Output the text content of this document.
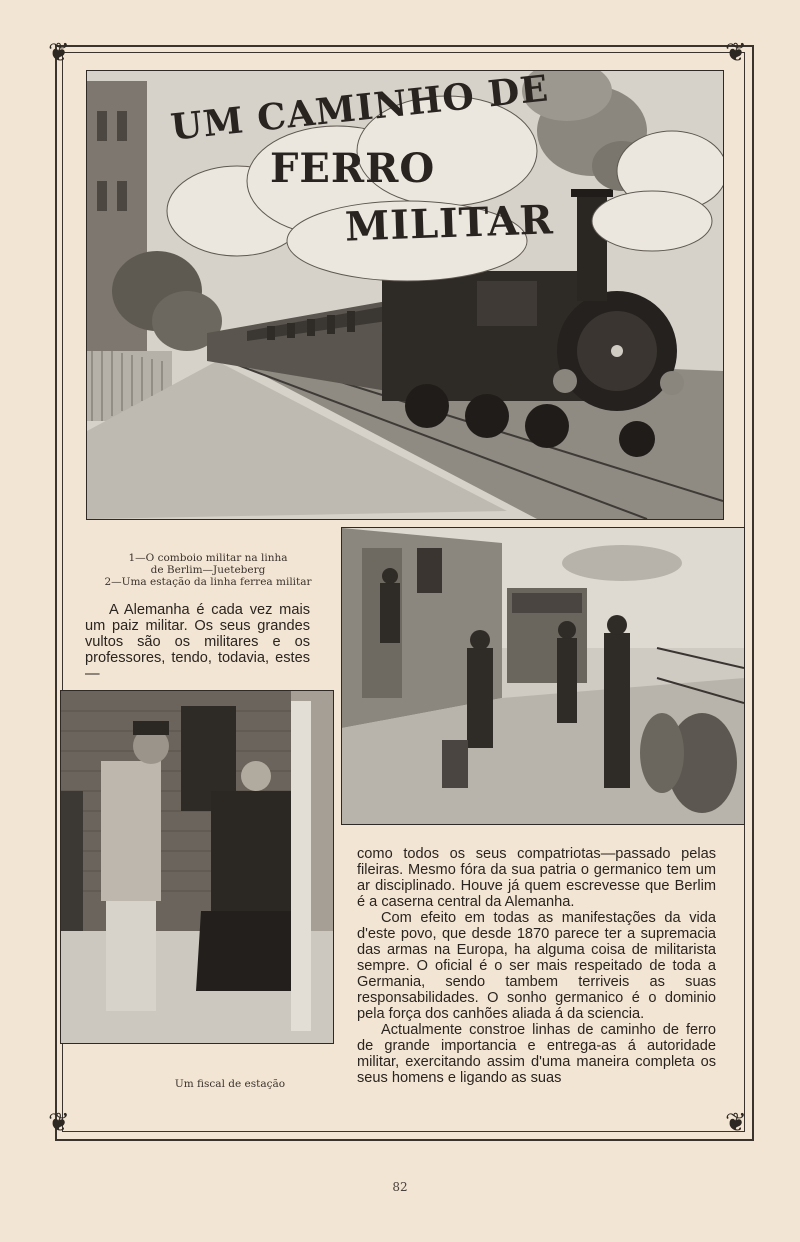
❦	❦
❦	❦
UM CAMINHO DE
FERRO
MILITAR
1—O comboio militar na linha
de Berlim—Jueteberg
2—Uma estação da linha ferrea militar

A Alemanha é cada vez mais um paiz militar. Os seus grandes vultos são os militares e os professores, tendo, todavia, estes—

Um fiscal de estação

como todos os seus compatriotas—passado pelas fileiras. Mesmo fóra da sua patria o germanico tem um ar disciplinado. Houve já quem escrevesse que Berlim é a caserna central da Alemanha.

Com efeito em todas as manifestações da vida d'este povo, que desde 1870 parece ter a supremacia das armas na Europa, ha alguma coisa de militarista sempre. O oficial é o ser mais respeitado de toda a Germania, sendo tambem terriveis as suas responsabilidades. O sonho germanico é o dominio pela força dos canhões aliada á da sciencia.

Actualmente constroe linhas de caminho de ferro de grande importancia e entrega-as á autoridade militar, exercitando assim d'uma maneira completa os seus homens e ligando as suas

82
